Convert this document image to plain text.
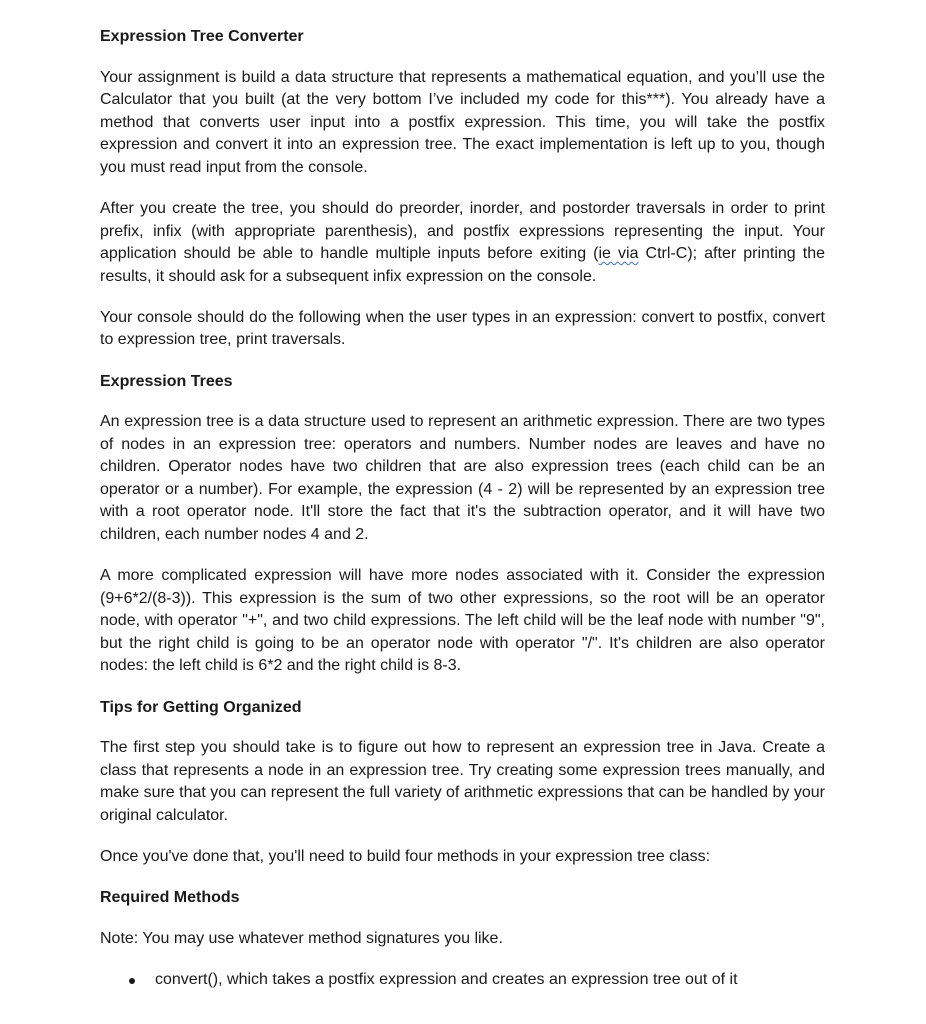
Expression Tree Converter

Your assignment is build a data structure that represents a mathematical equation, and you’ll use the Calculator that you built (at the very bottom I’ve included my code for this***). You already have a method that converts user input into a postfix expression. This time, you will take the postfix expression and convert it into an expression tree. The exact implementation is left up to you, though you must read input from the console.

After you create the tree, you should do preorder, inorder, and postorder traversals in order to print prefix, infix (with appropriate parenthesis), and postfix expressions representing the input. Your application should be able to handle multiple inputs before exiting (ie via Ctrl-C); after printing the results, it should ask for a subsequent infix expression on the console.

Your console should do the following when the user types in an expression: convert to postfix, convert to expression tree, print traversals.

Expression Trees

An expression tree is a data structure used to represent an arithmetic expression. There are two types of nodes in an expression tree: operators and numbers. Number nodes are leaves and have no children. Operator nodes have two children that are also expression trees (each child can be an operator or a number). For example, the expression (4 - 2) will be represented by an expression tree with a root operator node. It'll store the fact that it's the subtraction operator, and it will have two children, each number nodes 4 and 2.

A more complicated expression will have more nodes associated with it. Consider the expression (9+6*2/(8-3)). This expression is the sum of two other expressions, so the root will be an operator node, with operator "+", and two child expressions. The left child will be the leaf node with number "9", but the right child is going to be an operator node with operator "/". It's children are also operator nodes: the left child is 6*2 and the right child is 8-3.

Tips for Getting Organized

The first step you should take is to figure out how to represent an expression tree in Java. Create a class that represents a node in an expression tree. Try creating some expression trees manually, and make sure that you can represent the full variety of arithmetic expressions that can be handled by your original calculator.

Once you've done that, you'll need to build four methods in your expression tree class:

Required Methods

Note: You may use whatever method signatures you like.

convert(), which takes a postfix expression and creates an expression tree out of it
